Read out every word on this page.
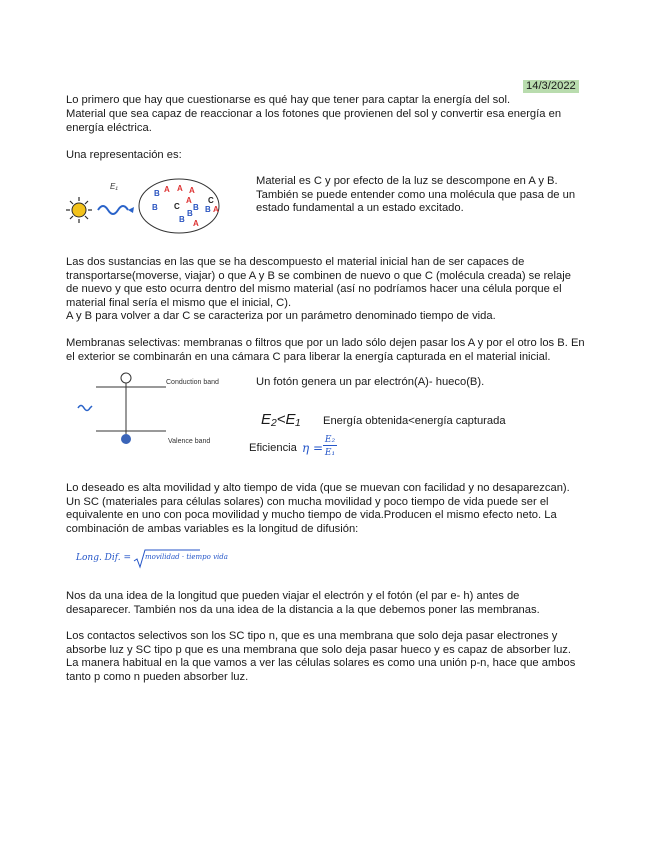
14/3/2022
Lo primero que hay que cuestionarse es qué hay que tener para captar la energía del sol.
Material que sea capaz de reaccionar a los fotones que provienen del sol y convertir esa energía en energía eléctrica.
Una representación es:
E₁
B A A A
C
B
A
B
C
B
B A
B A
Material es C y por efecto de la luz se descompone en A y B. También se puede entender como una molécula que pasa de un estado fundamental a un estado excitado.
Las dos sustancias en las que se ha descompuesto el material inicial han de ser capaces de transportarse(moverse, viajar) o que A y B se combinen de nuevo o que C (molécula creada) se relaje de nuevo y que esto ocurra dentro del mismo material (así no podríamos hacer una célula porque el material final sería el mismo que el inicial, C).
A y B para volver a dar C se caracteriza por un parámetro denominado tiempo de vida.
Membranas selectivas: membranas o filtros que por un lado sólo dejen pasar los A y por el otro los B. En el exterior se combinarán en una cámara C para liberar la energía capturada en el material inicial.
Conduction band
Valence band
Un fotón genera un par electrón(A)- hueco(B).
E₂<E₁ Energía obtenida<energía capturada
Eficiencia η =
E₂
E₁
Lo deseado es alta movilidad y alto tiempo de vida (que se muevan con facilidad y no desaparezcan). Un SC (materiales para células solares) con mucha movilidad y poco tiempo de vida puede ser el equivalente en uno con poca movilidad y mucho tiempo de vida.Producen el mismo efecto neto. La combinación de ambas variables es la longitud de difusión:
Long. Dif. = movilidad · tiempo vida
Nos da una idea de la longitud que pueden viajar el electrón y el fotón (el par e- h) antes de desaparecer. También nos da una idea de la distancia a la que debemos poner las membranas.
Los contactos selectivos son los SC tipo n, que es una membrana que solo deja pasar electrones y absorbe luz y SC tipo p que es una membrana que solo deja pasar hueco y es capaz de absorber luz. La manera habitual en la que vamos a ver las células solares es como una unión p-n, hace que ambos tanto p como n pueden absorber luz.
